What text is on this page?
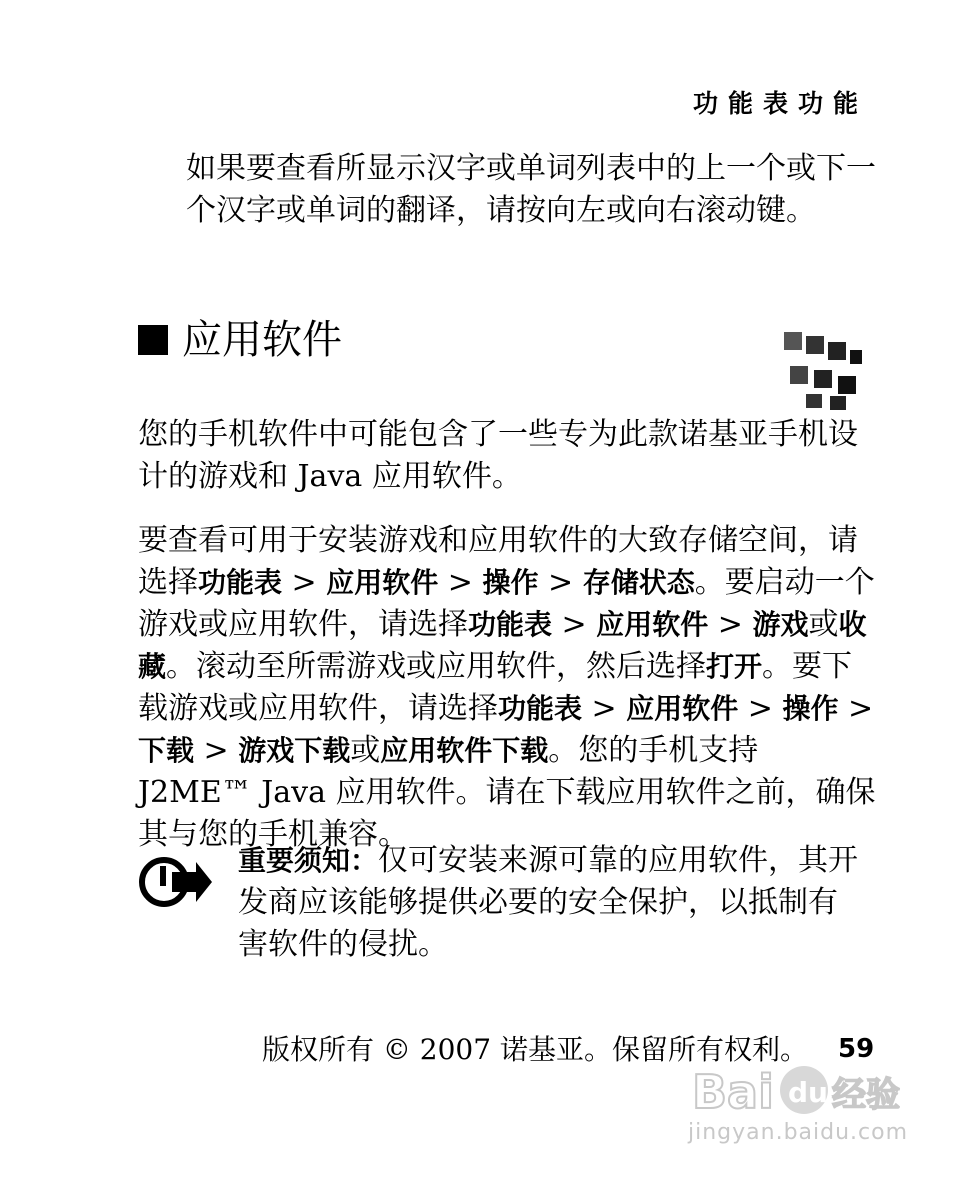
功能表功能
如果要查看所显示汉字或单词列表中的上一个或下一个汉字或单词的翻译，请按向左或向右滚动键。
应用软件
您的手机软件中可能包含了一些专为此款诺基亚手机设计的游戏和 Java 应用软件。
要查看可用于安装游戏和应用软件的大致存储空间，请选择功能表 > 应用软件 > 操作 > 存储状态。要启动一个游戏或应用软件，请选择功能表 > 应用软件 > 游戏或收藏。滚动至所需游戏或应用软件，然后选择打开。要下载游戏或应用软件，请选择功能表 > 应用软件 > 操作 > 下载 > 游戏下载或应用软件下载。您的手机支持 J2ME™ Java 应用软件。请在下载应用软件之前，确保其与您的手机兼容。
重要须知：仅可安装来源可靠的应用软件，其开发商应该能够提供必要的安全保护，以抵制有害软件的侵扰。
版权所有 © 2007 诺基亚。保留所有权利。 59
Bai du 经验
jingyan.baidu.com
